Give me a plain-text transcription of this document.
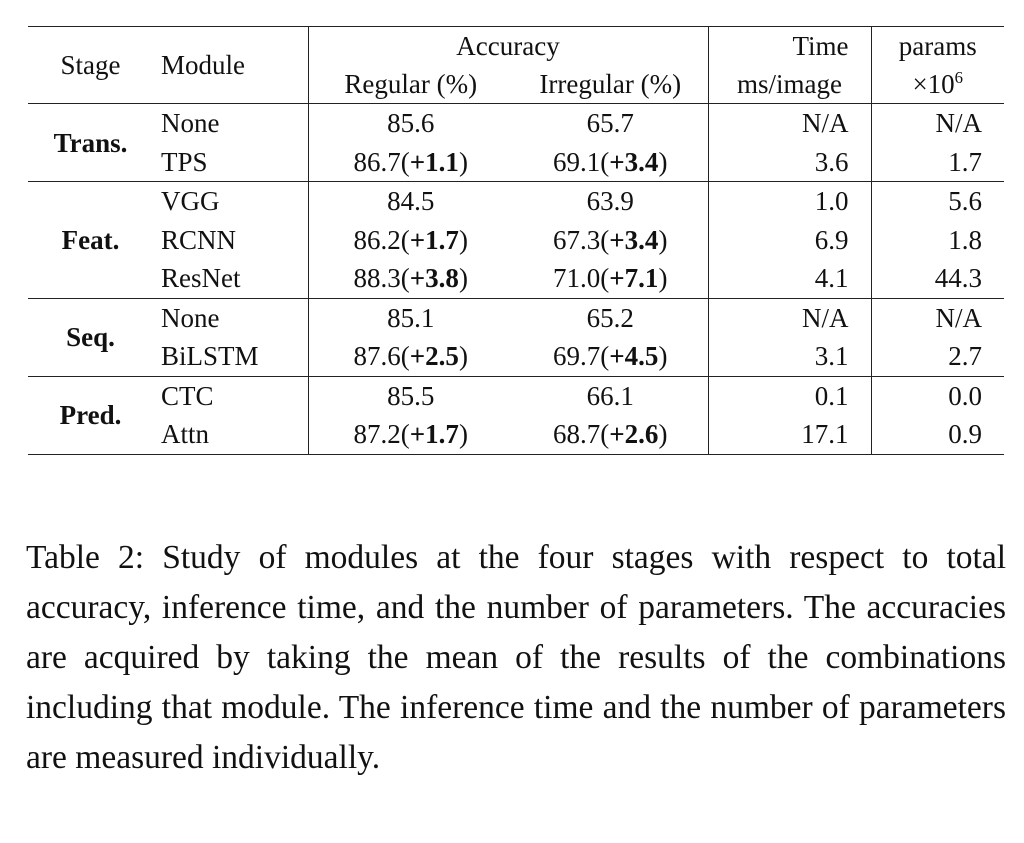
Stage	Module	Accuracy		Time	params
		Regular (%)	Irregular (%)	ms/image	$\times 10^6$
Trans.	None	85.6	65.7	N/A	N/A
	TPS	86.7(+1.1)	69.1(+3.4)	3.6	1.7
Feat.	VGG	84.5	63.9	1.0	5.6
	RCNN	86.2(+1.7)	67.3(+3.4)	6.9	1.8
	ResNet	88.3(+3.8)	71.0(+7.1)	4.1	44.3
Seq.	None	85.1	65.2	N/A	N/A
	BiLSTM	87.6(+2.5)	69.7(+4.5)	3.1	2.7
Pred.	CTC	85.5	66.1	0.1	0.0
	Attn	87.2(+1.7)	68.7(+2.6)	17.1	0.9
Table 2: Study of modules at the four stages with respect to total accuracy, inference time, and the number of parameters. The accuracies are acquired by taking the mean of the results of the combinations including that module. The inference time and the number of parameters are measured individually.
